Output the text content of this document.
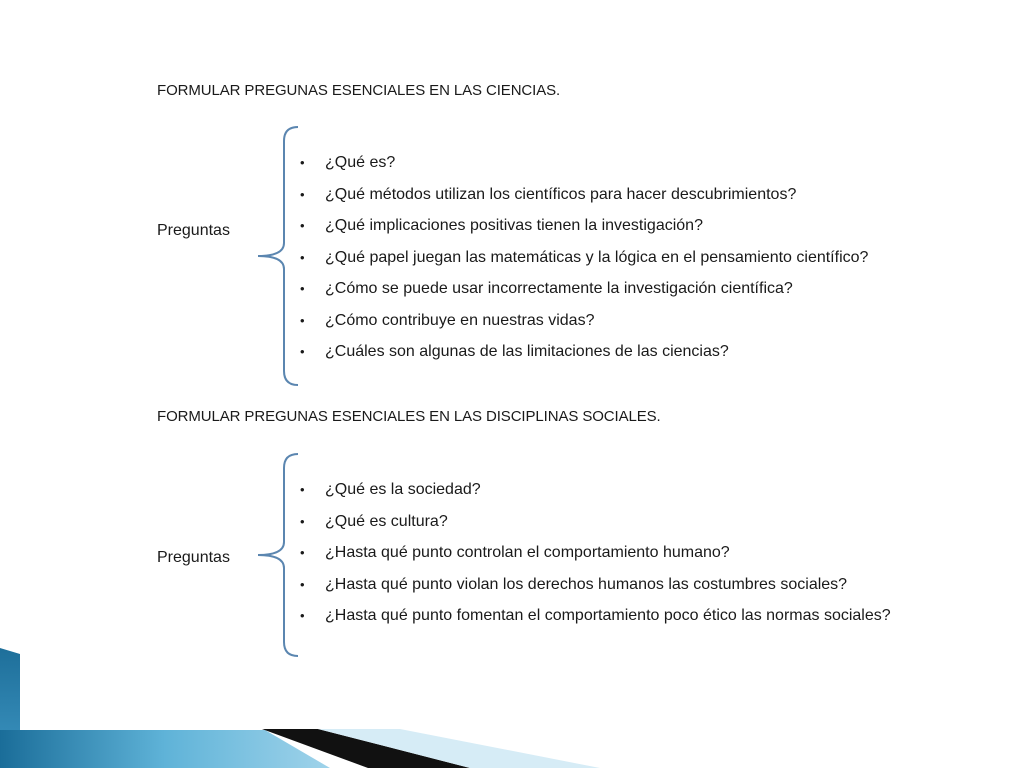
FORMULAR PREGUNAS ESENCIALES EN LAS CIENCIAS.
Preguntas
• ¿Qué es?
• ¿Qué métodos utilizan los científicos para hacer descubrimientos?
• ¿Qué implicaciones positivas tienen la investigación?
• ¿Qué papel juegan las matemáticas y la lógica en el pensamiento científico?
• ¿Cómo se puede usar incorrectamente la investigación científica?
• ¿Cómo contribuye en nuestras vidas?
• ¿Cuáles son algunas de las limitaciones de las ciencias?
FORMULAR PREGUNAS ESENCIALES EN LAS DISCIPLINAS SOCIALES.
Preguntas
• ¿Qué es la sociedad?
• ¿Qué es cultura?
• ¿Hasta qué punto controlan el comportamiento humano?
• ¿Hasta qué punto violan los derechos humanos las costumbres sociales?
• ¿Hasta qué punto fomentan el comportamiento poco ético las normas sociales?
